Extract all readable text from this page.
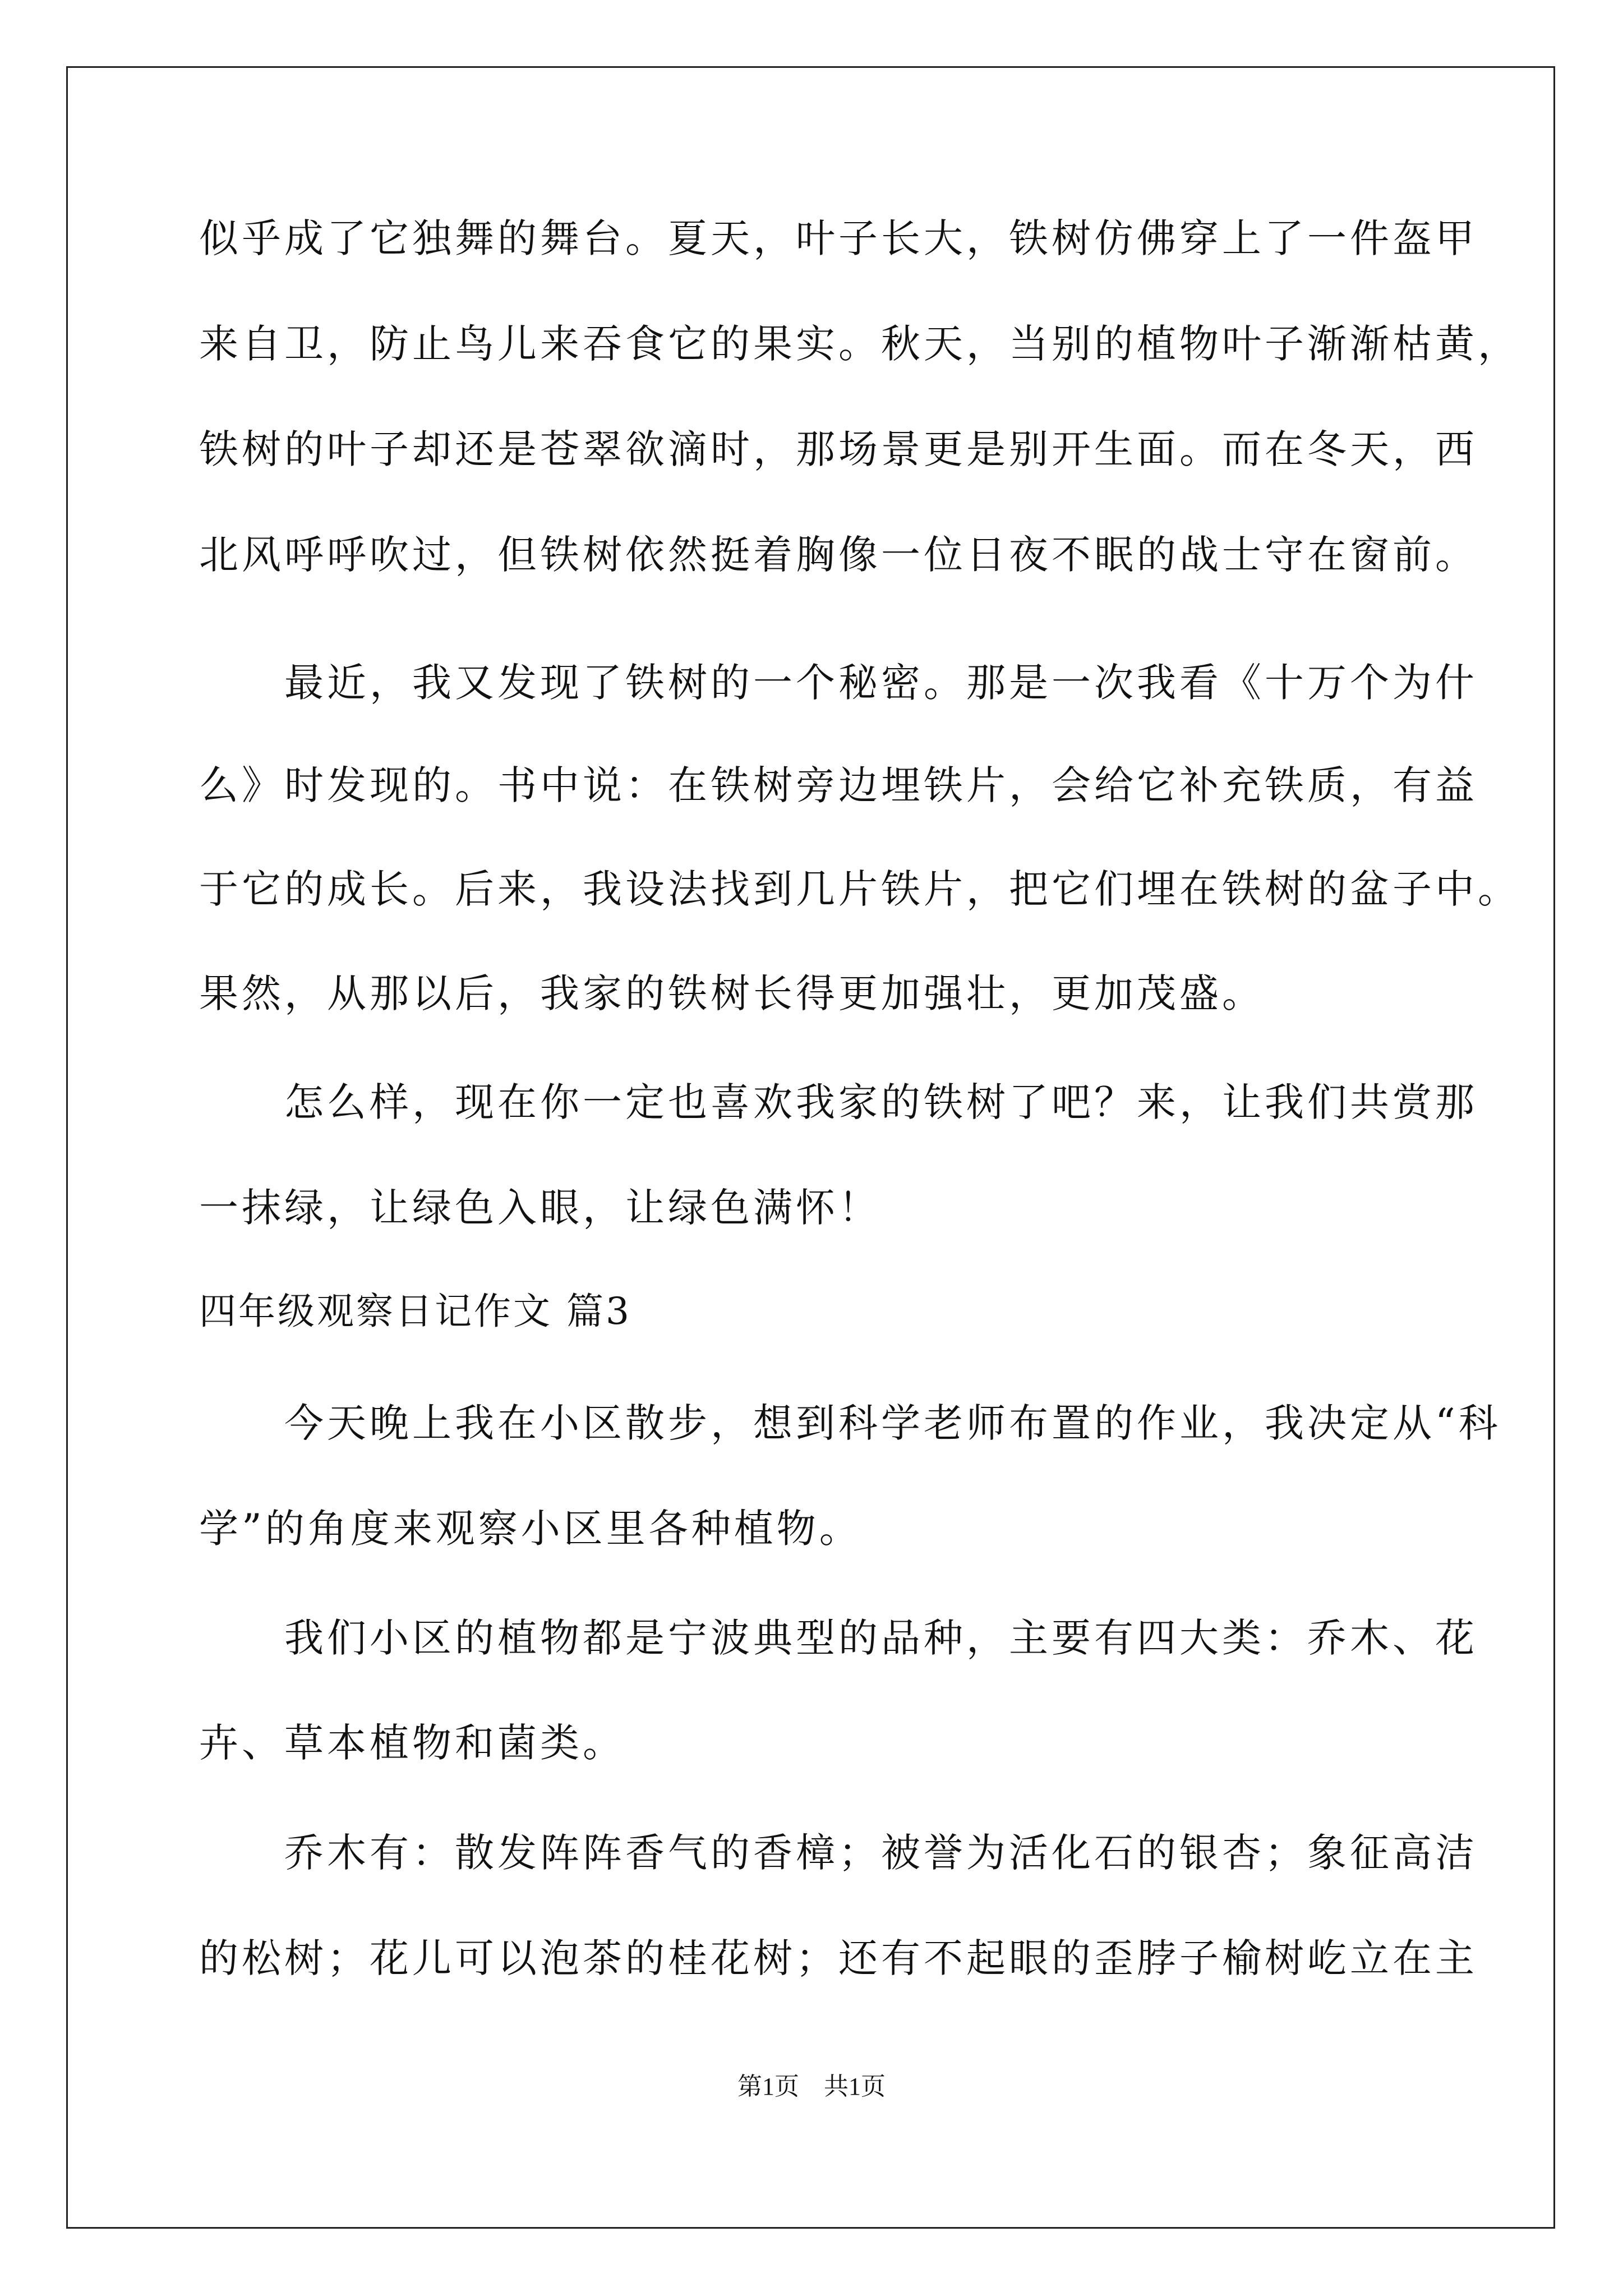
似乎成了它独舞的舞台。夏天，叶子长大，铁树仿佛穿上了一件盔甲
来自卫，防止鸟儿来吞食它的果实。秋天，当别的植物叶子渐渐枯黄，
铁树的叶子却还是苍翠欲滴时，那场景更是别开生面。而在冬天，西
北风呼呼吹过，但铁树依然挺着胸像一位日夜不眠的战士守在窗前。
　　最近，我又发现了铁树的一个秘密。那是一次我看《十万个为什
么》时发现的。书中说：在铁树旁边埋铁片，会给它补充铁质，有益
于它的成长。后来，我设法找到几片铁片，把它们埋在铁树的盆子中。
果然，从那以后，我家的铁树长得更加强壮，更加茂盛。
　　怎么样，现在你一定也喜欢我家的铁树了吧？来，让我们共赏那
一抹绿，让绿色入眼，让绿色满怀！
四年级观察日记作文 篇3
　　今天晚上我在小区散步，想到科学老师布置的作业，我决定从“科
学”的角度来观察小区里各种植物。
　　我们小区的植物都是宁波典型的品种，主要有四大类：乔木、花
卉、草本植物和菌类。
　　乔木有：散发阵阵香气的香樟；被誉为活化石的银杏；象征高洁
的松树；花儿可以泡茶的桂花树；还有不起眼的歪脖子榆树屹立在主
第1页　共1页
